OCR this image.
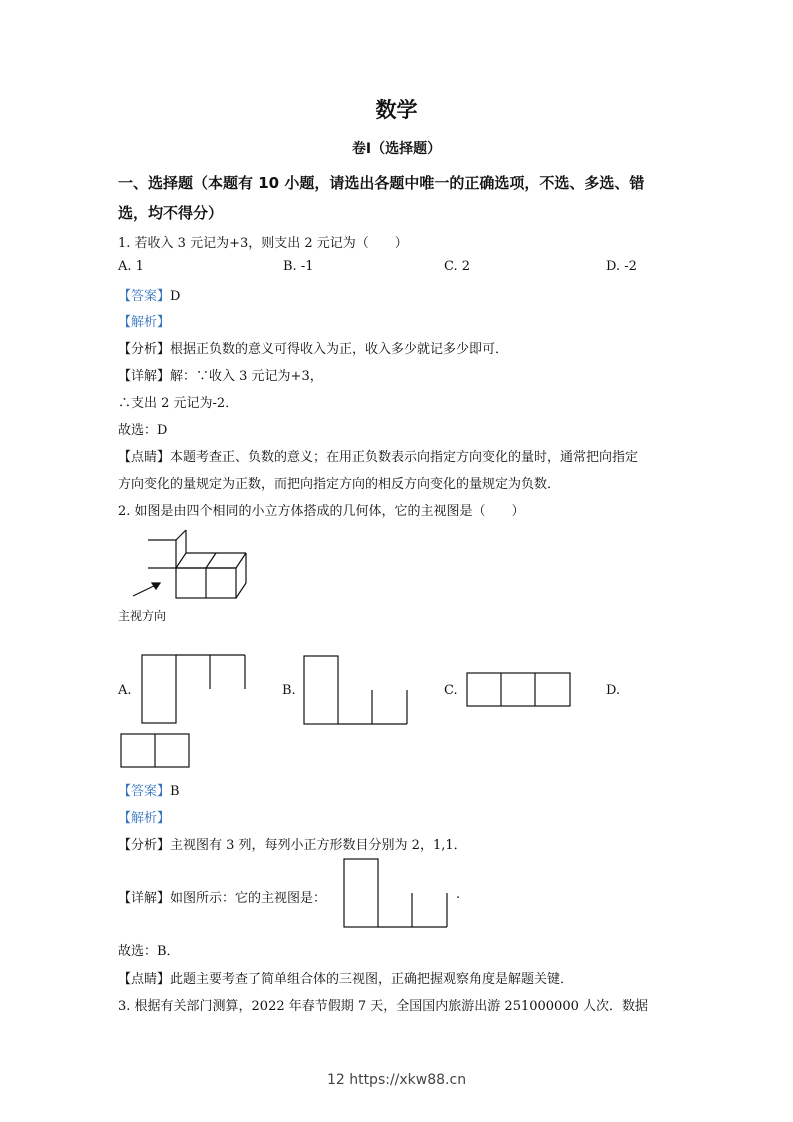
数学
卷Ⅰ（选择题）
一、选择题（本题有 10 小题，请选出各题中唯一的正确选项，不选、多选、错
选，均不得分）
1. 若收入 3 元记为+3，则支出 2 元记为（　　）
A. 1	B. -1	C. 2	D. -2
【答案】D
【解析】
【分析】根据正负数的意义可得收入为正，收入多少就记多少即可．
【详解】解：∵收入 3 元记为+3，
∴支出 2 元记为-2．
故选：D
【点睛】本题考查正、负数的意义；在用正负数表示向指定方向变化的量时，通常把向指定
方向变化的量规定为正数，而把向指定方向的相反方向变化的量规定为负数．
2. 如图是由四个相同的小立方体搭成的几何体，它的主视图是（　　）
主视方向
A.	B.	C.	D.
【答案】B
【解析】
【分析】主视图有 3 列，每列小正方形数目分别为 2，1,1．
【详解】如图所示：它的主视图是：	.
故选：B．
【点睛】此题主要考查了简单组合体的三视图，正确把握观察角度是解题关键．
3. 根据有关部门测算，2022 年春节假期 7 天，全国国内旅游出游 251000000 人次．数据
12 https://xkw88.cn
